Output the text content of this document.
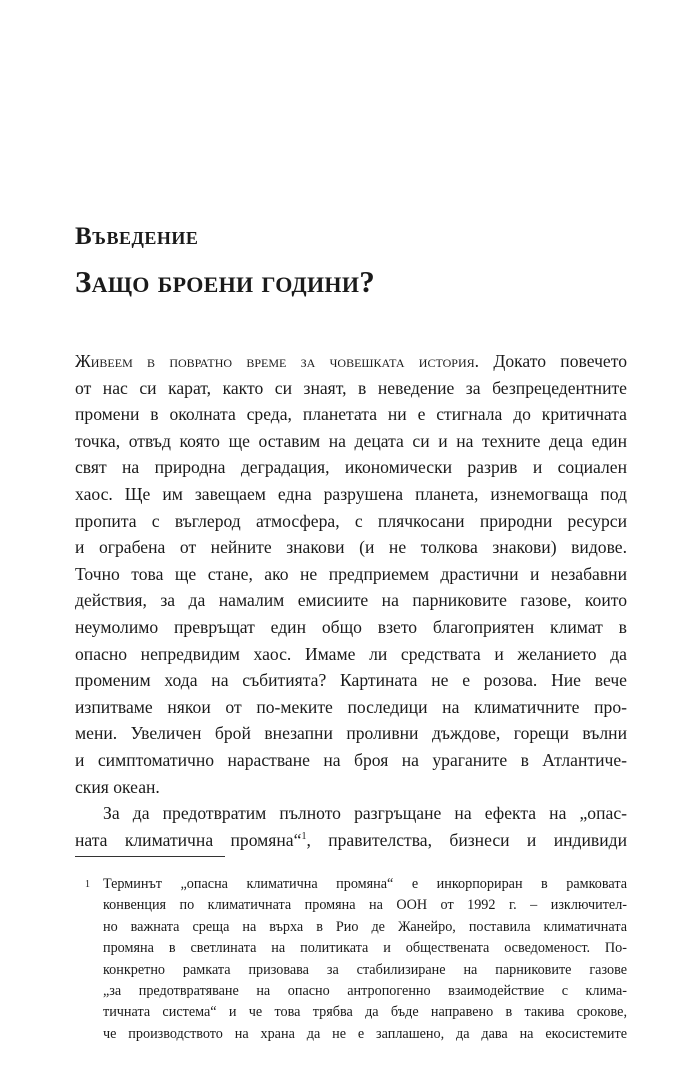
Въведение
Защо броени години?
Живеем в повратно време за човешката история. Докато повечето
от нас си карат, както си знаят, в неведение за безпрецедентните
промени в околната среда, планетата ни е стигнала до критичната
точка, отвъд която ще оставим на децата си и на техните деца един
свят на природна деградация, икономически разрив и социален
хаос. Ще им завещаем една разрушена планета, изнемогваща под
пропита с въглерод атмосфера, с плячкосани природни ресурси
и ограбена от нейните знакови (и не толкова знакови) видове.
Точно това ще стане, ако не предприемем драстични и незабавни
действия, за да намалим емисиите на парниковите газове, които
неумолимо превръщат един общо взето благоприятен климат в
опасно непредвидим хаос. Имаме ли средствата и желанието да
променим хода на събитията? Картината не е розова. Ние вече
изпитваме някои от по-меките последици на климатичните про-
мени. Увеличен брой внезапни проливни дъждове, горещи вълни
и симптоматично нарастване на броя на ураганите в Атлантиче-
ския океан.
За да предотвратим пълното разгръщане на ефекта на „опас-
ната климатична промяна“$^1$, правителства, бизнеси и индивиди
1 Терминът „опасна климатична промяна“ е инкорпориран в рамковата
конвенция по климатичната промяна на ООН от 1992 г. – изключител-
но важната среща на върха в Рио де Жанейро, поставила климатичната
промяна в светлината на политиката и обществената осведоменост. По-
конкретно рамката призовава за стабилизиране на парниковите газове
„за предотвратяване на опасно антропогенно взаимодействие с клима-
тичната система“ и че това трябва да бъде направено в такива срокове,
че производството на храна да не е заплашено, да дава на екосистемите
